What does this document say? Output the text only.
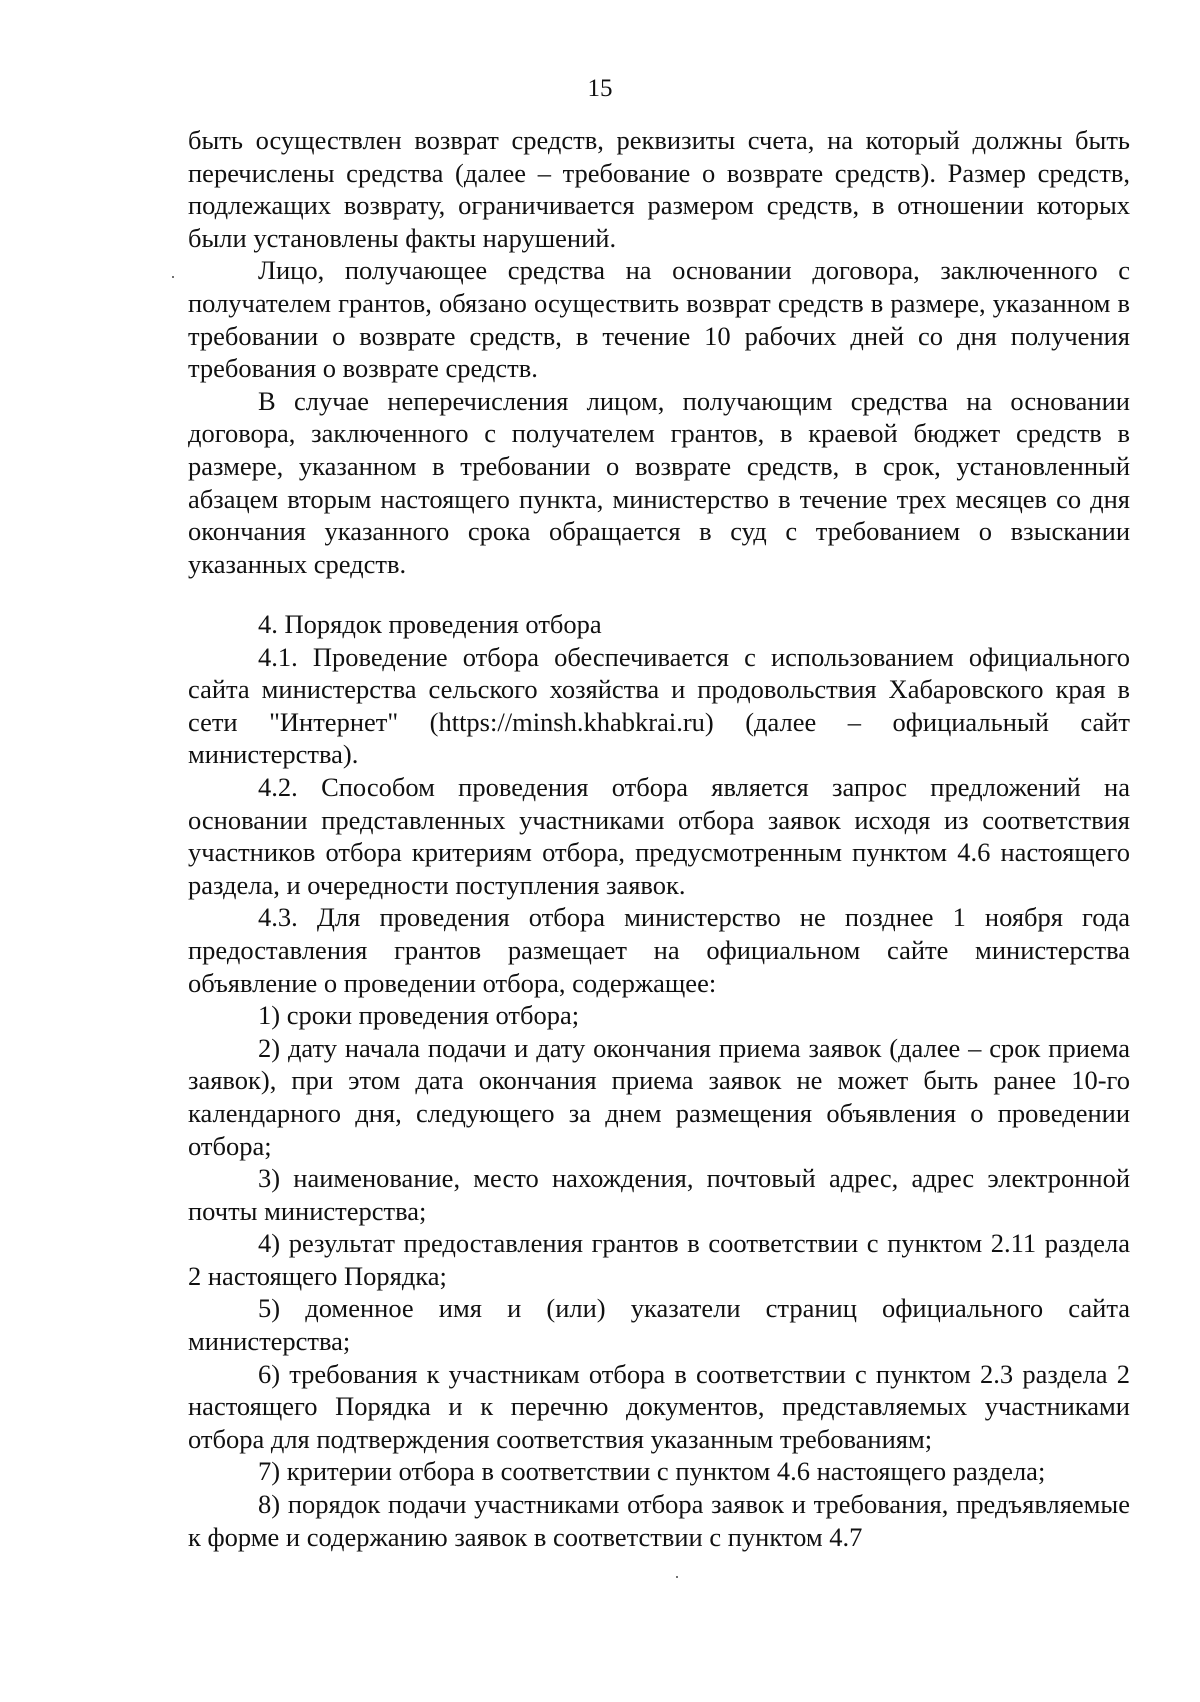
15

быть осуществлен возврат средств, реквизиты счета, на который должны быть перечислены средства (далее – требование о возврате средств). Размер средств, подлежащих возврату, ограничивается размером средств, в отношении которых были установлены факты нарушений.

Лицо, получающее средства на основании договора, заключенного с получателем грантов, обязано осуществить возврат средств в размере, указанном в требовании о возврате средств, в течение 10 рабочих дней со дня получения требования о возврате средств.

В случае неперечисления лицом, получающим средства на основании договора, заключенного с получателем грантов, в краевой бюджет средств в размере, указанном в требовании о возврате средств, в срок, установленный абзацем вторым настоящего пункта, министерство в течение трех месяцев со дня окончания указанного срока обращается в суд с требованием о взыскании указанных средств.

4. Порядок проведения отбора

4.1. Проведение отбора обеспечивается с использованием официального сайта министерства сельского хозяйства и продовольствия Хабаровского края в сети "Интернет" (https://minsh.khabkrai.ru) (далее – официальный сайт министерства).

4.2. Способом проведения отбора является запрос предложений на основании представленных участниками отбора заявок исходя из соответствия участников отбора критериям отбора, предусмотренным пунктом 4.6 настоящего раздела, и очередности поступления заявок.

4.3. Для проведения отбора министерство не позднее 1 ноября года предоставления грантов размещает на официальном сайте министерства объявление о проведении отбора, содержащее:

1) сроки проведения отбора;

2) дату начала подачи и дату окончания приема заявок (далее – срок приема заявок), при этом дата окончания приема заявок не может быть ранее 10-го календарного дня, следующего за днем размещения объявления о проведении отбора;

3) наименование, место нахождения, почтовый адрес, адрес электронной почты министерства;

4) результат предоставления грантов в соответствии с пунктом 2.11 раздела 2 настоящего Порядка;

5) доменное имя и (или) указатели страниц официального сайта министерства;

6) требования к участникам отбора в соответствии с пунктом 2.3 раздела 2 настоящего Порядка и к перечню документов, представляемых участниками отбора для подтверждения соответствия указанным требованиям;

7) критерии отбора в соответствии с пунктом 4.6 настоящего раздела;

8) порядок подачи участниками отбора заявок и требования, предъявляемые к форме и содержанию заявок в соответствии с пунктом 4.7
